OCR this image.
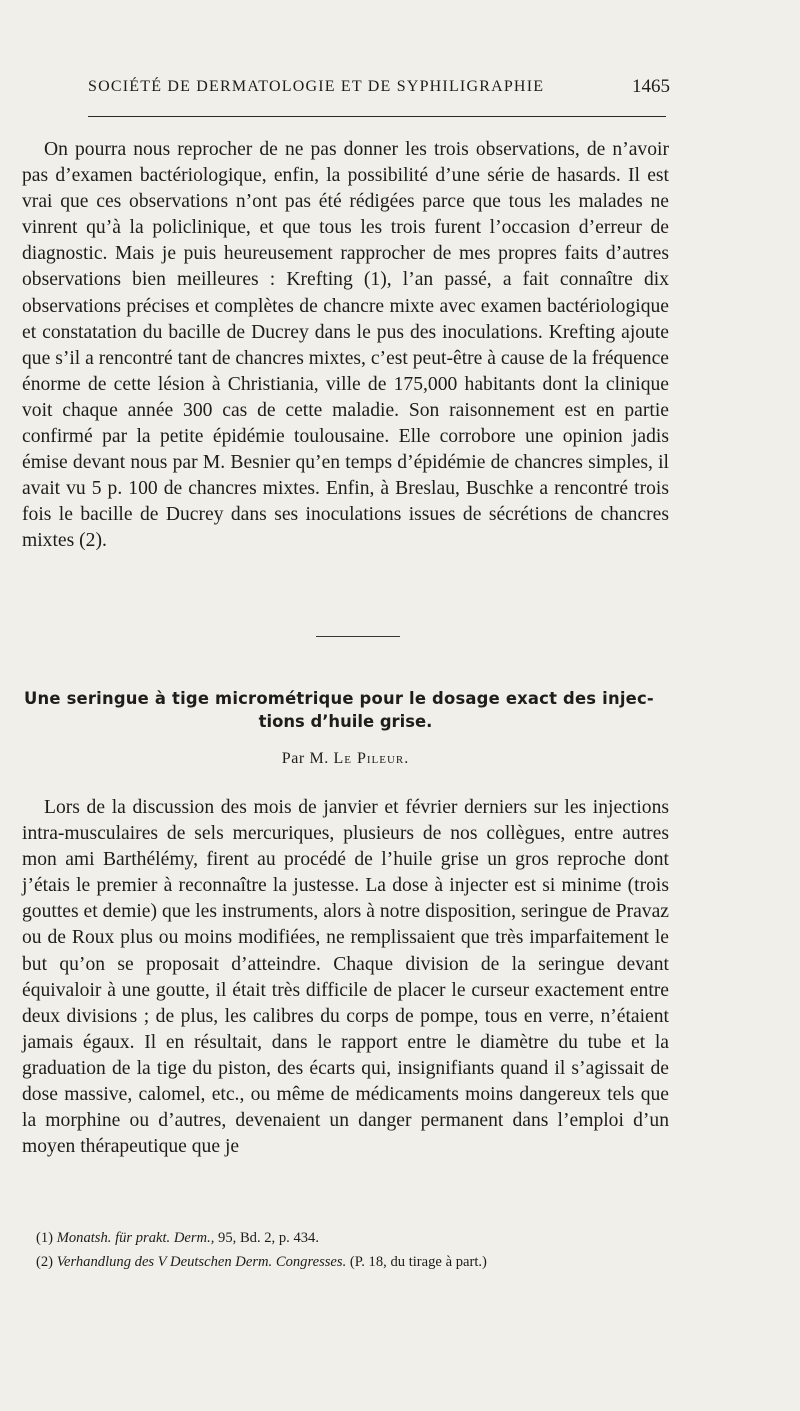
SOCIÉTÉ DE DERMATOLOGIE ET DE SYPHILIGRAPHIE	1465

On pourra nous reprocher de ne pas donner les trois observations, de n’avoir pas d’examen bactériologique, enfin, la possibilité d’une série de hasards. Il est vrai que ces observations n’ont pas été rédigées parce que tous les malades ne vinrent qu’à la policlinique, et que tous les trois furent l’occasion d’erreur de diagnostic. Mais je puis heureusement rapprocher de mes propres faits d’autres observations bien meilleures : Krefting (1), l’an passé, a fait connaître dix observations précises et complètes de chancre mixte avec examen bactériologique et constatation du bacille de Ducrey dans le pus des inoculations. Krefting ajoute que s’il a rencontré tant de chancres mixtes, c’est peut-être à cause de la fréquence énorme de cette lésion à Christiania, ville de 175,000 habitants dont la clinique voit chaque année 300 cas de cette maladie. Son raisonnement est en partie confirmé par la petite épidémie toulousaine. Elle corrobore une opinion jadis émise devant nous par M. Besnier qu’en temps d’épidémie de chancres simples, il avait vu 5 p. 100 de chancres mixtes. Enfin, à Breslau, Buschke a rencontré trois fois le bacille de Ducrey dans ses inoculations issues de sécrétions de chancres mixtes (2).

Une seringue à tige micrométrique pour le dosage exact des injec-
tions d’huile grise.
Par M. Le Pileur.

Lors de la discussion des mois de janvier et février derniers sur les injections intra-musculaires de sels mercuriques, plusieurs de nos collègues, entre autres mon ami Barthélémy, firent au procédé de l’huile grise un gros reproche dont j’étais le premier à reconnaître la justesse. La dose à injecter est si minime (trois gouttes et demie) que les instruments, alors à notre disposition, seringue de Pravaz ou de Roux plus ou moins modifiées, ne remplissaient que très imparfaitement le but qu’on se proposait d’atteindre. Chaque division de la seringue devant équivaloir à une goutte, il était très difficile de placer le curseur exactement entre deux divisions ; de plus, les calibres du corps de pompe, tous en verre, n’étaient jamais égaux. Il en résultait, dans le rapport entre le diamètre du tube et la graduation de la tige du piston, des écarts qui, insignifiants quand il s’agissait de dose massive, calomel, etc., ou même de médicaments moins dangereux tels que la morphine ou d’autres, devenaient un danger permanent dans l’emploi d’un moyen thérapeutique que je

(1) Monatsh. für prakt. Derm., 95, Bd. 2, p. 434.

(2) Verhandlung des V Deutschen Derm. Congresses. (P. 18, du tirage à part.)
